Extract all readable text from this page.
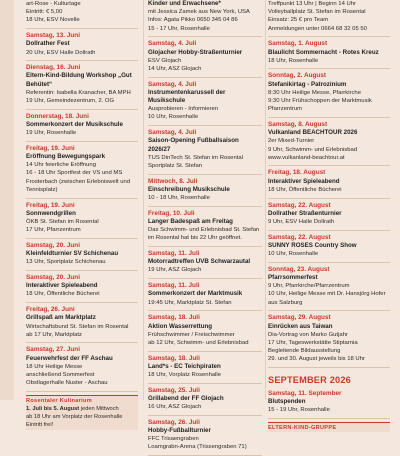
art-Rose - Kulturtage
Eintritt: € 5,00
18 Uhr, ESV Novelle
Samstag, 13. Juni
Dollrather Fest
20 Uhr, ESV Halle Dollrath
Dienstag, 16. Juni
Eltern-Kind-Bildung Workshop „Gut Behütet“
Referentin: Isabella Kranacher, BA MPH
19 Uhr, Gemeindezentrum, 2. OG
Donnerstag, 18. Juni
Sommerkonzert der Musikschule
19 Uhr, Rosenhalle
Freitag, 19. Juni
Eröffnung Bewegungspark
14 Uhr feierliche Eröffnung
16 - 18 Uhr Sportfest der VS und MS
Frosterbach (zwischen Erlebniswelt und
Tennisplatz)
Freitag, 19. Juni
Sonnwendgrillen
ÖKB St. Stefan im Rosental
17 Uhr, Pfarrzentrum
Samstag, 20. Juni
Kleinfeldturnier SV Schichenau
13 Uhr, Sportplatz Schichenau
Samstag, 20. Juni
Interaktiver Spieleabend
18 Uhr, Öffentliche Bücherei
Freitag, 26. Juni
Grillspaß am Marktplatz
Wirtschaftsbund St. Stefan im Rosental
ab 17 Uhr, Marktplatz
Samstag, 27. Juni
Feuerwehrfest der FF Aschau
18 Uhr Heilige Messe
anschließend Sommerfest
Obstlagerhalle Nuster - Aschau
Rosentaler Kulinarium
1. Juli bis 5. August jeden Mittwoch
ab 18 Uhr am Vorplatz der Rosenhalle
Eintritt frei!
Kinder und Erwachsene*
mit Jessica Zamek aus New York, USA
Infos: Agata Pikko 0650 345 04 86
15 - 17 Uhr, Rosenhalle
Samstag, 4. Juli
Glojacher Hobby-Straßenturnier
ESV Glojach
14 Uhr, ASZ Glojach
Samstag, 4. Juli
Instrumentenkarussell der Musikschule
Ausprobieren - Informieren
10 Uhr, Rosenhalle
Samstag, 4. Juli
Saison-Opening Fußballsaison 2026/27
TUS DinTech St. Stefan im Rosental
Sportplatz St. Stefan
Mittwoch, 8. Juli
Einschreibung Musikschule
10 - 18 Uhr, Rosenhalle
Freitag, 10. Juli
Langer Badespaß am Freitag
Das Schwimm- und Erlebnisbad St. Stefan
im Rosental hat bis 22 Uhr geöffnet.
Samstag, 11. Juli
Motorradtreffen UVB Schwarzautal
19 Uhr, ASZ Glojach
Samstag, 11. Juli
Sommerkonzert der Marktmusik
19:45 Uhr, Marktplatz St. Stefan
Samstag, 18. Juli
Aktion Wasserrettung
Frühschwimmer / Freischwimmer
ab 12 Uhr, Schwimm- und Erlebnisbad
Samstag, 18. Juli
Land*s - EC Teichpiraten
18 Uhr, Vorplatz Rosenhalle
Samstag, 25. Juli
Grillabend der FF Glojach
16 Uhr, ASZ Glojach
Samstag, 26. Juli
Hobby-Fußballturnier
FFC Trisaengraben
Loamgrabn-Arena (Trissengraben 71)
Treffpunkt 13 Uhr | Beginn 14 Uhr
Volleyballplatz St. Stefan im Rosental
Einsatz: 25 € pro Team
Anmeldungen unter 0664 68 32 05 50
Samstag, 1. August
Blaulicht Sommernacht - Rotes Kreuz
18 Uhr, Rosenhalle
Sonntag, 2. August
Stefanikirtag - Patrozinium
8:30 Uhr Heilige Messe, Pfarrkirche
9:30 Uhr Frühschoppen der Marktmusik
Pfarrzentrum
Samstag, 8. August
Vulkanland BEACHTOUR 2026
2er Mixed-Turnier
9 Uhr, Schwimm- und Erlebnisbad
www.vulkanland-beachtour.at
Freitag, 18. August
Interaktiver Spieleabend
18 Uhr, Öffentliche Bücherei
Samstag, 22. August
Dollrather Straßenturnier
9 Uhr, ESV Halle Dollrath
Samstag, 22. August
SUNNY ROSES Country Show
10 Uhr, Rosenhalle
Sonntag, 23. August
Pfarrsommerfest
9 Uhr, Pfarrkirche/Pfarrzentrum
10 Uhr, Heilige Messe mit Dr. Hansjörg Hofer aus Salzburg
Samstag, 29. August
Einrücken aus Taiwan
Dia-Vortrag von Marko Gutjahr
17 Uhr, Tageswerkstätte Stiptarnia
Begleitende Bildausstellung
29. und 30. August jeweils bis 18 Uhr
SEPTEMBER 2026
Samstag, 11. September
Blutspenden
15 - 19 Uhr, Rosenhalle
ELTERN-KIND-GRUPPE
